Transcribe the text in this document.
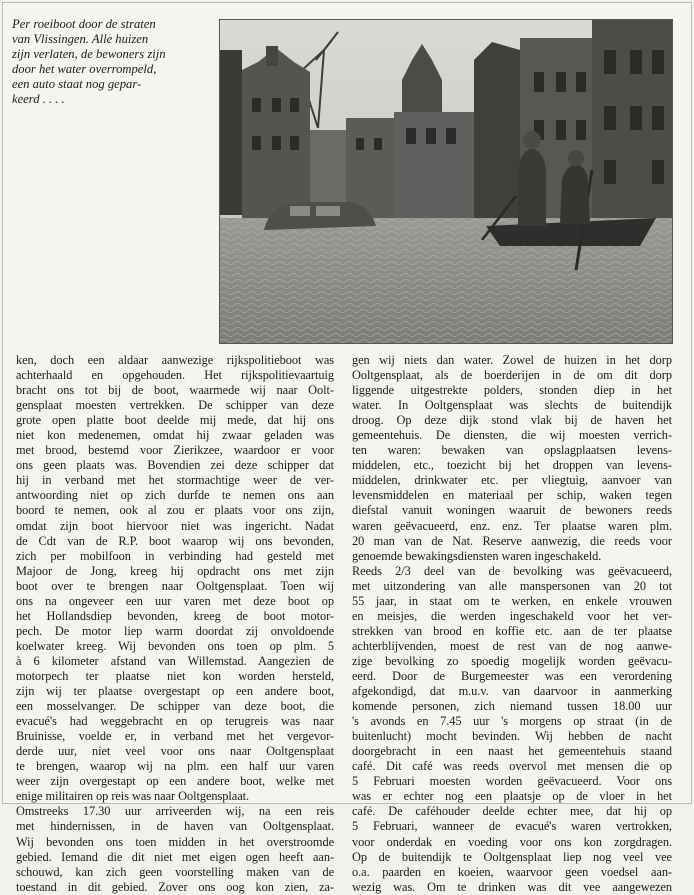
Per roeiboot door de straten
van Vlissingen. Alle huizen
zijn verlaten, de bewoners zijn
door het water overrompeld,
een auto staat nog gepar-
keerd . . . .
ken, doch een aldaar aanwezige rijkspolitieboot was
achterhaald en opgehouden. Het rijkspolitievaartuig
bracht ons tot bij de boot, waarmede wij naar Oolt-
gensplaat moesten vertrekken. De schipper van deze
grote open platte boot deelde mij mede, dat hij ons
niet kon medenemen, omdat hij zwaar geladen was
met brood, bestemd voor Zierikzee, waardoor er voor
ons geen plaats was. Bovendien zei deze schipper dat
hij in verband met het stormachtige weer de ver-
antwoording niet op zich durfde te nemen ons aan
boord te nemen, ook al zou er plaats voor ons zijn,
omdat zijn boot hiervoor niet was ingericht. Nadat
de Cdt van de R.P. boot waarop wij ons bevonden,
zich per mobilfoon in verbinding had gesteld met
Majoor de Jong, kreeg hij opdracht ons met zijn
boot over te brengen naar Ooltgensplaat. Toen wij
ons na ongeveer een uur varen met deze boot op
het Hollandsdiep bevonden, kreeg de boot motor-
pech. De motor liep warm doordat zij onvoldoende
koelwater kreeg. Wij bevonden ons toen op plm. 5
à 6 kilometer afstand van Willemstad. Aangezien de
motorpech ter plaatse niet kon worden hersteld,
zijn wij ter plaatse overgestapt op een andere boot,
een mosselvanger. De schipper van deze boot, die
evacué's had weggebracht en op terugreis was naar
Bruinisse, voelde er, in verband met het vergevor-
derde uur, niet veel voor ons naar Ooltgensplaat
te brengen, waarop wij na plm. een half uur varen
weer zijn overgestapt op een andere boot, welke met
enige militairen op reis was naar Ooltgensplaat.
Omstreeks 17.30 uur arriveerden wij, na een reis
met hindernissen, in de haven van Ooltgensplaat.
Wij bevonden ons toen midden in het overstroomde
gebied. Iemand die dit niet met eigen ogen heeft aan-
schouwd, kan zich geen voorstelling maken van de
toestand in dit gebied. Zover ons oog kon zien, za-
gen wij niets dan water. Zowel de huizen in het dorp
Ooltgensplaat, als de boerderijen in de om dit dorp
liggende uitgestrekte polders, stonden diep in het
water. In Ooltgensplaat was slechts de buitendijk
droog. Op deze dijk stond vlak bij de haven het
gemeentehuis. De diensten, die wij moesten verrich-
ten waren: bewaken van opslagplaatsen levens-
middelen, etc., toezicht bij het droppen van levens-
middelen, drinkwater etc. per vliegtuig, aanvoer van
levensmiddelen en materiaal per schip, waken tegen
diefstal vanuit woningen waaruit de bewoners reeds
waren geëvacueerd, enz. enz. Ter plaatse waren plm.
20 man van de Nat. Reserve aanwezig, die reeds voor
genoemde bewakingsdiensten waren ingeschakeld.
Reeds 2/3 deel van de bevolking was geëvacueerd,
met uitzondering van alle manspersonen van 20 tot
55 jaar, in staat om te werken, en enkele vrouwen
en meisjes, die werden ingeschakeld voor het ver-
strekken van brood en koffie etc. aan de ter plaatse
achterblijvenden, moest de rest van de nog aanwe-
zige bevolking zo spoedig mogelijk worden geëvacu-
eerd. Door de Burgemeester was een verordening
afgekondigd, dat m.u.v. van daarvoor in aanmerking
komende personen, zich niemand tussen 18.00 uur
's avonds en 7.45 uur 's morgens op straat (in de
buitenlucht) mocht bevinden. Wij hebben de nacht
doorgebracht in een naast het gemeentehuis staand
café. Dit café was reeds overvol met mensen die op
5 Februari moesten worden geëvacueerd. Voor ons
was er echter nog een plaatsje op de vloer in het
café. De caféhouder deelde echter mee, dat hij op
5 Februari, wanneer de evacué's waren vertrokken,
voor onderdak en voeding voor ons kon zorgdragen.
Op de buitendijk te Ooltgensplaat liep nog veel vee
o.a. paarden en koeien, waarvoor geen voedsel aan-
wezig was. Om te drinken was dit vee aangewezen
